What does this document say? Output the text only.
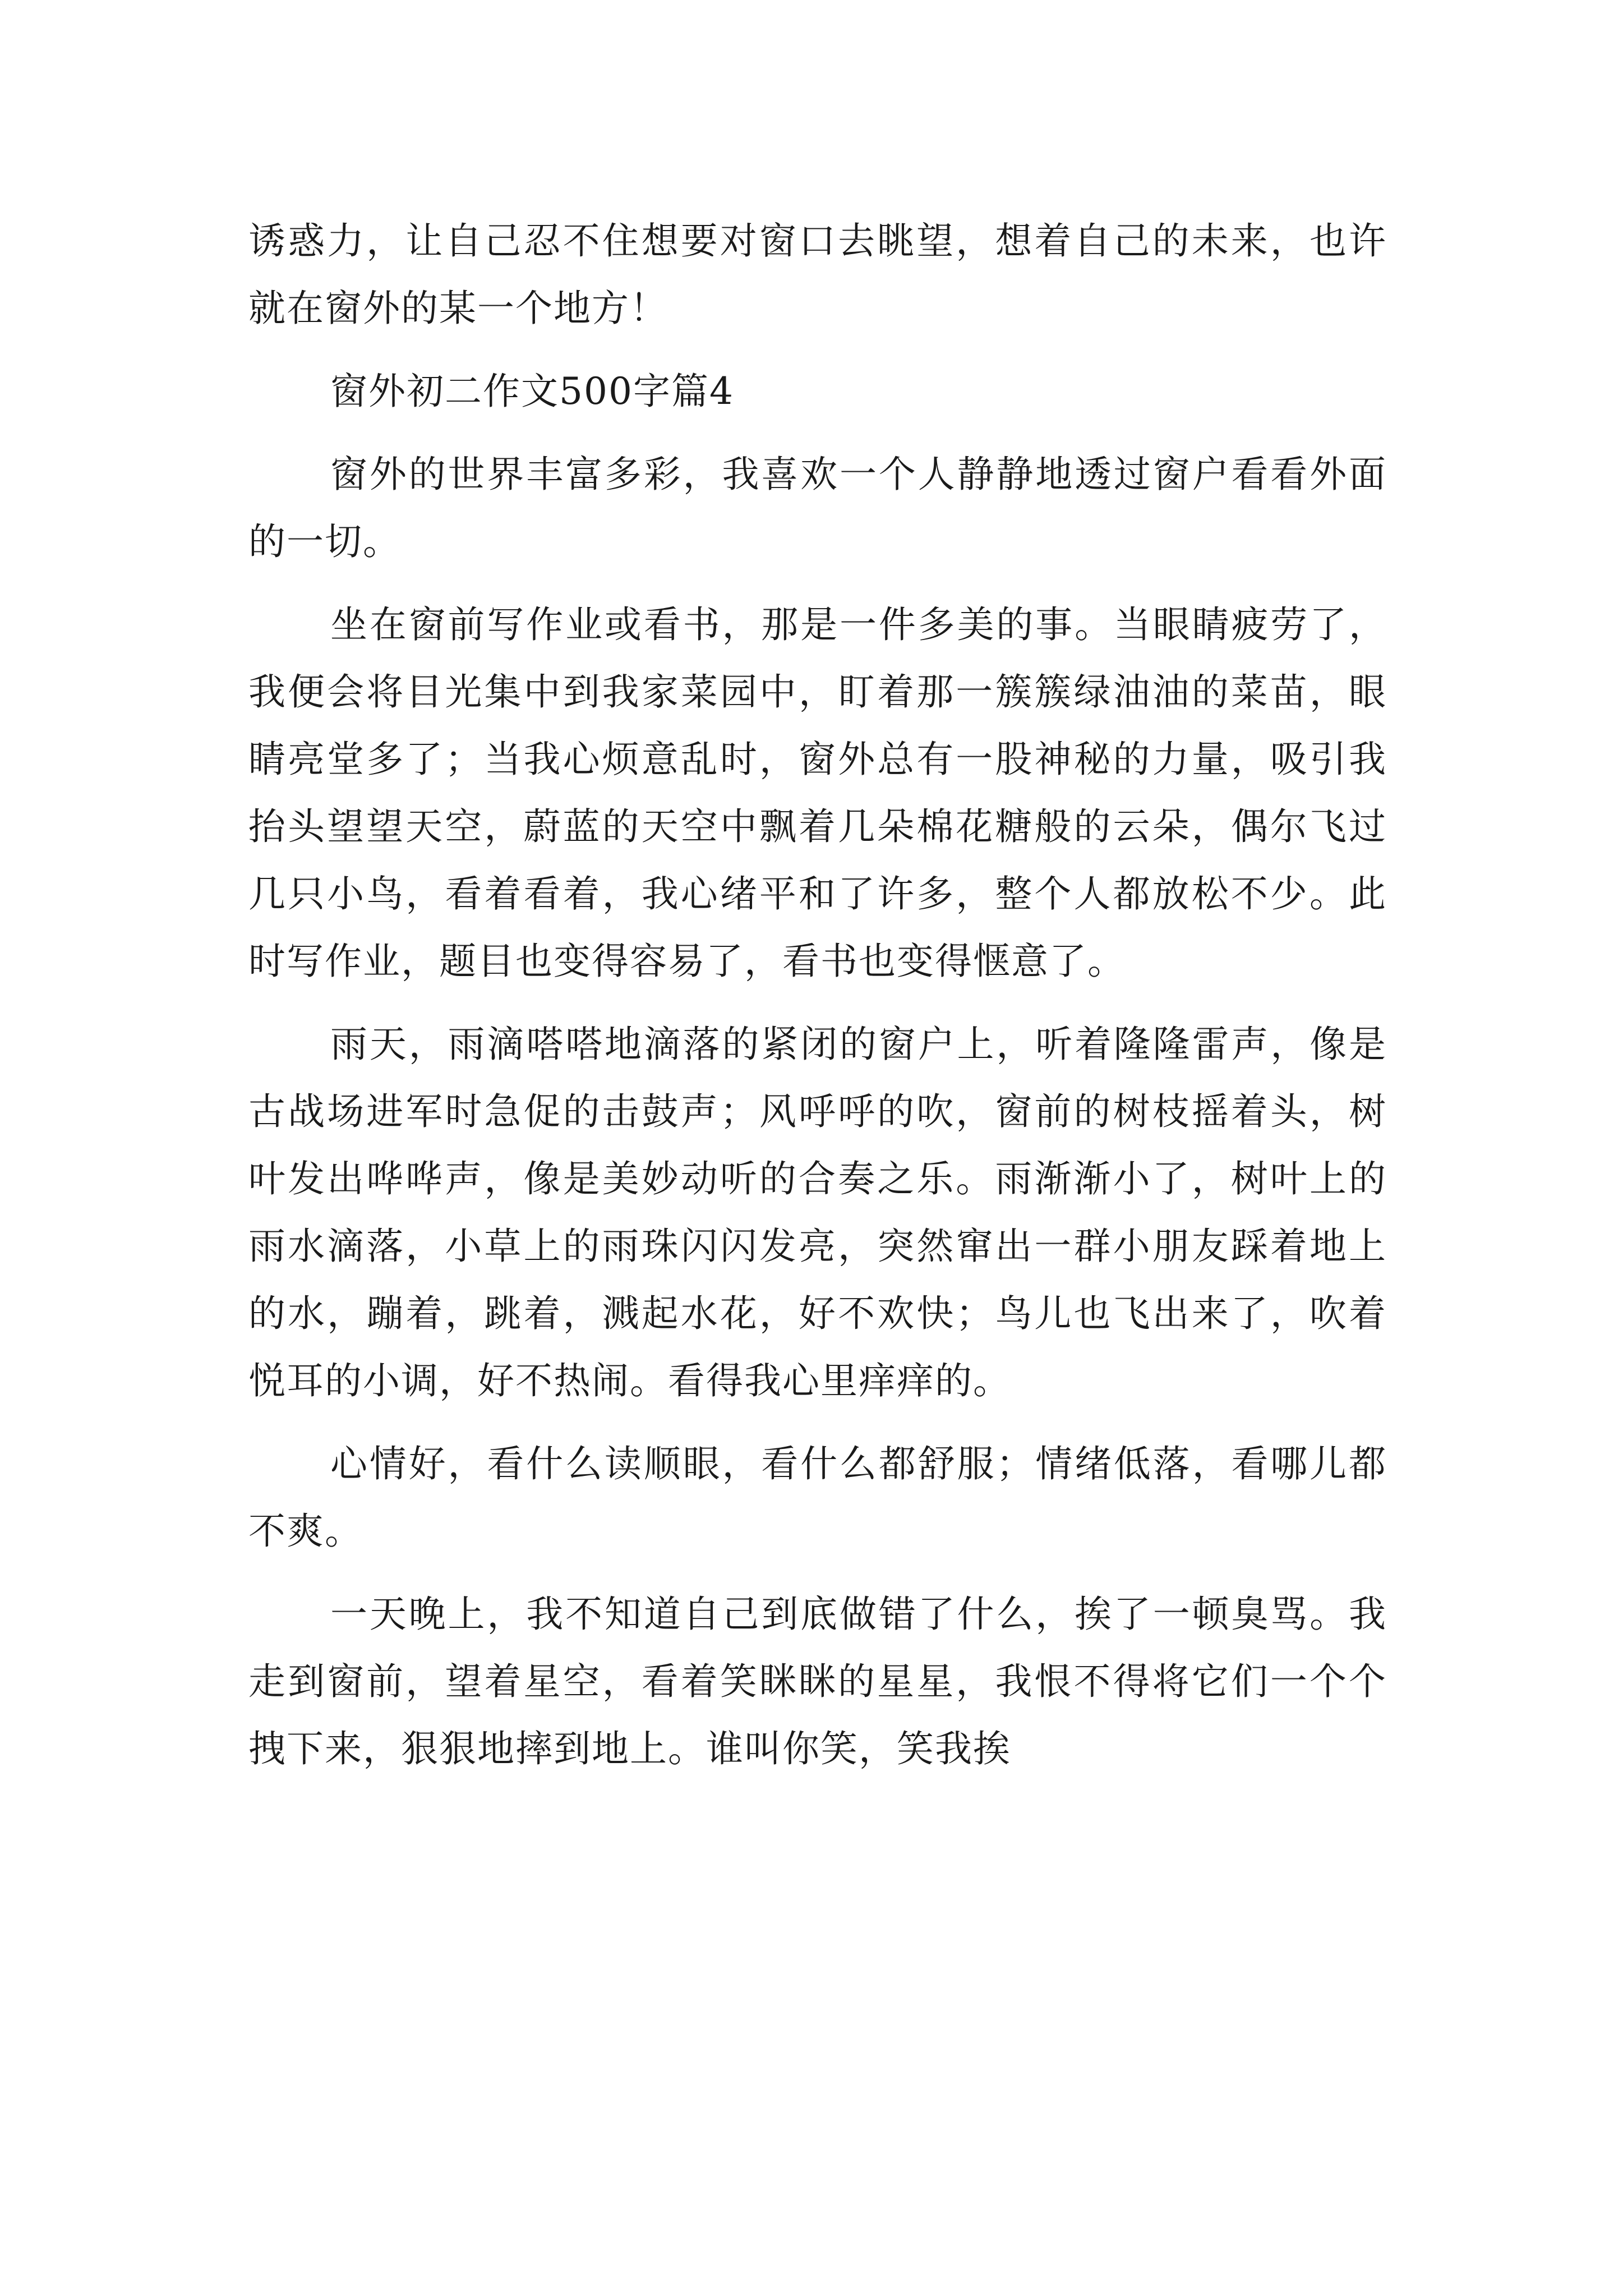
诱惑力，让自己忍不住想要对窗口去眺望，想着自己的未来，也许就在窗外的某一个地方！

窗外初二作文500字篇4

窗外的世界丰富多彩，我喜欢一个人静静地透过窗户看看外面的一切。

坐在窗前写作业或看书，那是一件多美的事。当眼睛疲劳了，我便会将目光集中到我家菜园中，盯着那一簇簇绿油油的菜苗，眼睛亮堂多了；当我心烦意乱时，窗外总有一股神秘的力量，吸引我抬头望望天空，蔚蓝的天空中飘着几朵棉花糖般的云朵，偶尔飞过几只小鸟，看着看着，我心绪平和了许多，整个人都放松不少。此时写作业，题目也变得容易了，看书也变得惬意了。

雨天，雨滴嗒嗒地滴落的紧闭的窗户上，听着隆隆雷声，像是古战场进军时急促的击鼓声；风呼呼的吹，窗前的树枝摇着头，树叶发出哗哗声，像是美妙动听的合奏之乐。雨渐渐小了，树叶上的雨水滴落，小草上的雨珠闪闪发亮，突然窜出一群小朋友踩着地上的水，蹦着，跳着，溅起水花，好不欢快；鸟儿也飞出来了，吹着悦耳的小调，好不热闹。看得我心里痒痒的。

心情好，看什么读顺眼，看什么都舒服；情绪低落，看哪儿都不爽。

一天晚上，我不知道自己到底做错了什么，挨了一顿臭骂。我走到窗前，望着星空，看着笑眯眯的星星，我恨不得将它们一个个拽下来，狠狠地摔到地上。谁叫你笑，笑我挨
